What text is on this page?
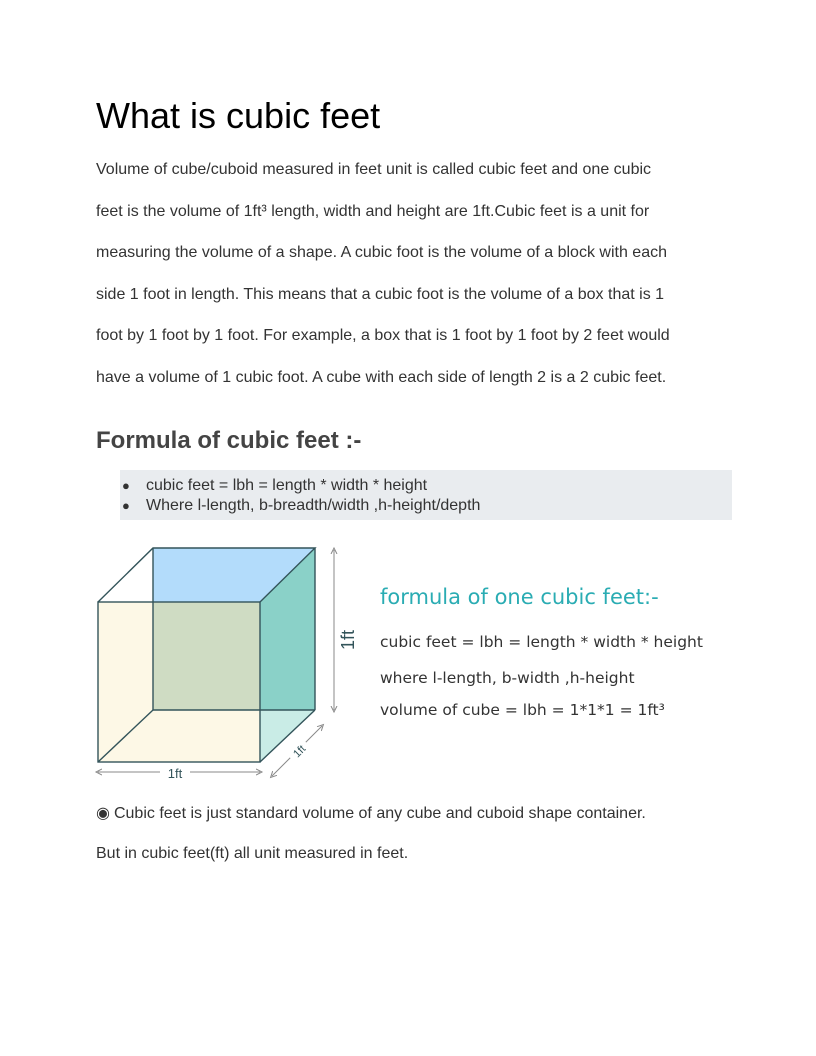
What is cubic feet
Volume of cube/cuboid measured in feet unit is called cubic feet and one cubic
feet is the volume of 1ft³ length, width and height are 1ft.Cubic feet is a unit for
measuring the volume of a shape. A cubic foot is the volume of a block with each
side 1 foot in length. This means that a cubic foot is the volume of a box that is 1
foot by 1 foot by 1 foot. For example, a box that is 1 foot by 1 foot by 2 feet would
have a volume of 1 cubic foot. A cube with each side of length 2 is a 2 cubic feet.
Formula of cubic feet :-
● cubic feet = lbh = length * width * height
● Where l-length, b-breadth/width ,h-height/depth
1ft
1ft
1ft
formula of one cubic feet:-
cubic feet = lbh = length * width * height
where l-length, b-width ,h-height
volume of cube = lbh = 1*1*1 = 1ft³
◉ Cubic feet is just standard volume of any cube and cuboid shape container.
But in cubic feet(ft) all unit measured in feet.
